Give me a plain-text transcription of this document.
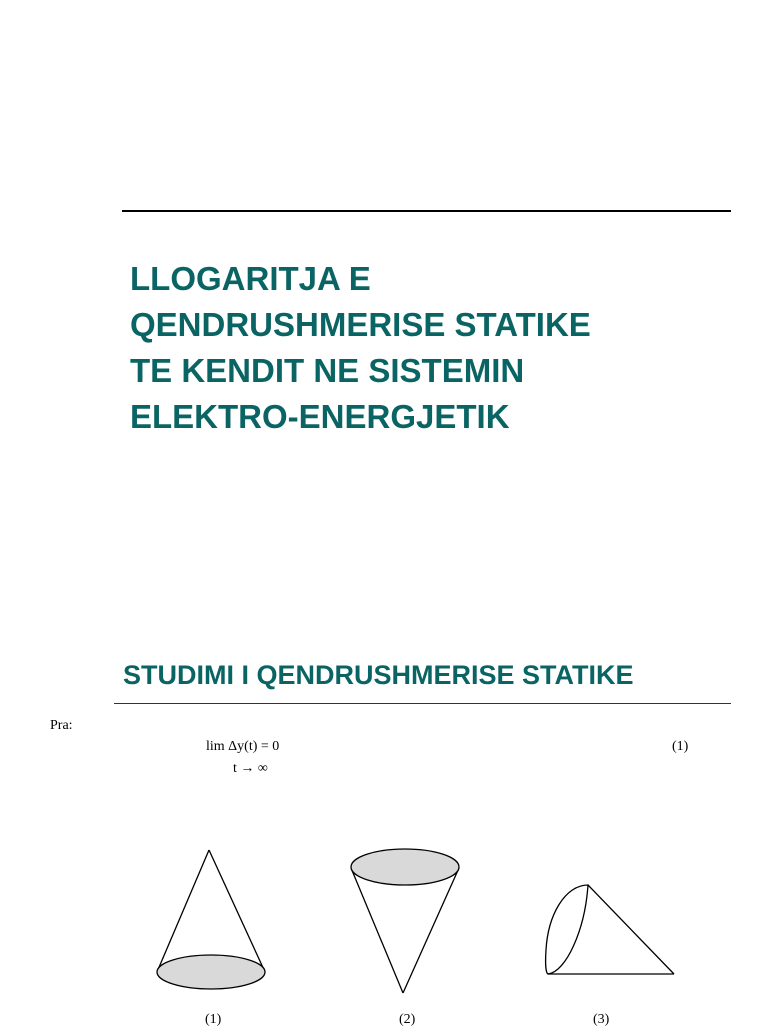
LLOGARITJA E
QENDRUSHMERISE STATIKE
TE KENDIT NE SISTEMIN
ELEKTRO-ENERGJETIK
STUDIMI I QENDRUSHMERISE STATIKE
Pra:
lim Δy(t) = 0
t → ∞
(1)
(1)	(2)	(3)
